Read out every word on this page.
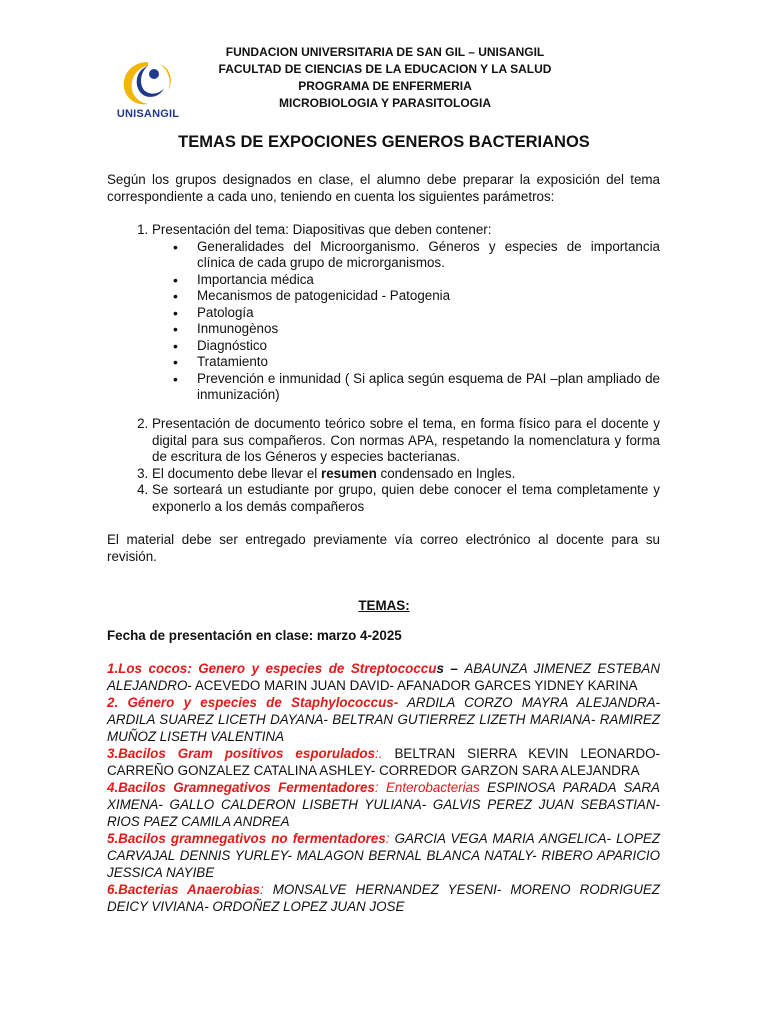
UNISANGIL
FUNDACION UNIVERSITARIA DE SAN GIL – UNISANGIL
FACULTAD DE CIENCIAS DE LA EDUCACION Y LA SALUD
PROGRAMA DE ENFERMERIA
MICROBIOLOGIA Y PARASITOLOGIA
TEMAS DE EXPOCIONES GENEROS BACTERIANOS
Según los grupos designados en clase, el alumno debe preparar la exposición del tema correspondiente a cada uno, teniendo en cuenta los siguientes parámetros:
1. Presentación del tema: Diapositivas que deben contener:
• Generalidades del Microorganismo. Géneros y especies de importancia clínica de cada grupo de microrganismos.
• Importancia médica
• Mecanismos de patogenicidad - Patogenia
• Patología
• Inmunogènos
• Diagnóstico
• Tratamiento
• Prevención e inmunidad ( Si aplica según esquema de PAI –plan ampliado de inmunización)
2. Presentación de documento teórico sobre el tema, en forma físico para el docente y digital para sus compañeros. Con normas APA, respetando la nomenclatura y forma de escritura de los Géneros y especies bacterianas.
3. El documento debe llevar el resumen condensado en Ingles.
4. Se sorteará un estudiante por grupo, quien debe conocer el tema completamente y exponerlo a los demás compañeros
El material debe ser entregado previamente vía correo electrónico al docente para su revisión.
TEMAS:
Fecha de presentación en clase: marzo 4-2025

1.Los cocos: Genero y especies de Streptococcus – ABAUNZA JIMENEZ ESTEBAN ALEJANDRO- ACEVEDO MARIN JUAN DAVID- AFANADOR GARCES YIDNEY KARINA

2. Género y especies de Staphylococcus- ARDILA CORZO MAYRA ALEJANDRA- ARDILA SUAREZ LICETH DAYANA- BELTRAN GUTIERREZ LIZETH MARIANA- RAMIREZ MUÑOZ LISETH VALENTINA

3.Bacilos Gram positivos esporulados:. BELTRAN SIERRA KEVIN LEONARDO- CARREÑO GONZALEZ CATALINA ASHLEY- CORREDOR GARZON SARA ALEJANDRA

4.Bacilos Gramnegativos Fermentadores: Enterobacterias ESPINOSA PARADA SARA XIMENA- GALLO CALDERON LISBETH YULIANA- GALVIS PEREZ JUAN SEBASTIAN- RIOS PAEZ CAMILA ANDREA

5.Bacilos gramnegativos no fermentadores: GARCIA VEGA MARIA ANGELICA- LOPEZ CARVAJAL DENNIS YURLEY- MALAGON BERNAL BLANCA NATALY- RIBERO APARICIO JESSICA NAYIBE

6.Bacterias Anaerobias: MONSALVE HERNANDEZ YESENI- MORENO RODRIGUEZ DEICY VIVIANA- ORDOÑEZ LOPEZ JUAN JOSE
